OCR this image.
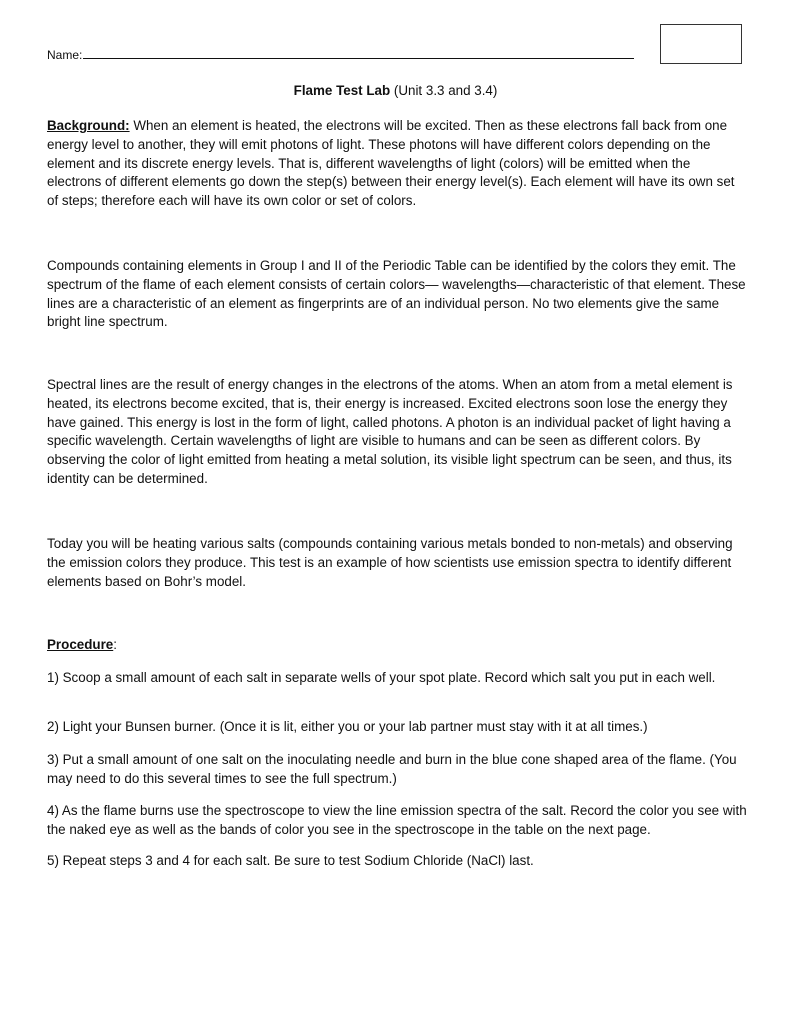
Name:
Flame Test Lab (Unit 3.3 and 3.4)

Background: When an element is heated, the electrons will be excited. Then as these electrons fall back from one energy level to another, they will emit photons of light. These photons will have different colors depending on the element and its discrete energy levels. That is, different wavelengths of light (colors) will be emitted when the electrons of different elements go down the step(s) between their energy level(s). Each element will have its own set of steps; therefore each will have its own color or set of colors.

Compounds containing elements in Group I and II of the Periodic Table can be identified by the colors they emit. The spectrum of the flame of each element consists of certain colors— wavelengths—characteristic of that element. These lines are a characteristic of an element as fingerprints are of an individual person. No two elements give the same bright line spectrum.

Spectral lines are the result of energy changes in the electrons of the atoms. When an atom from a metal element is heated, its electrons become excited, that is, their energy is increased. Excited electrons soon lose the energy they have gained. This energy is lost in the form of light, called photons. A photon is an individual packet of light having a specific wavelength. Certain wavelengths of light are visible to humans and can be seen as different colors. By observing the color of light emitted from heating a metal solution, its visible light spectrum can be seen, and thus, its identity can be determined.

Today you will be heating various salts (compounds containing various metals bonded to non-metals) and observing the emission colors they produce. This test is an example of how scientists use emission spectra to identify different elements based on Bohr’s model.

Procedure:

1) Scoop a small amount of each salt in separate wells of your spot plate. Record which salt you put in each well.

2) Light your Bunsen burner. (Once it is lit, either you or your lab partner must stay with it at all times.)

3) Put a small amount of one salt on the inoculating needle and burn in the blue cone shaped area of the flame. (You may need to do this several times to see the full spectrum.)

4) As the flame burns use the spectroscope to view the line emission spectra of the salt. Record the color you see with the naked eye as well as the bands of color you see in the spectroscope in the table on the next page.

5) Repeat steps 3 and 4 for each salt. Be sure to test Sodium Chloride (NaCl) last.
